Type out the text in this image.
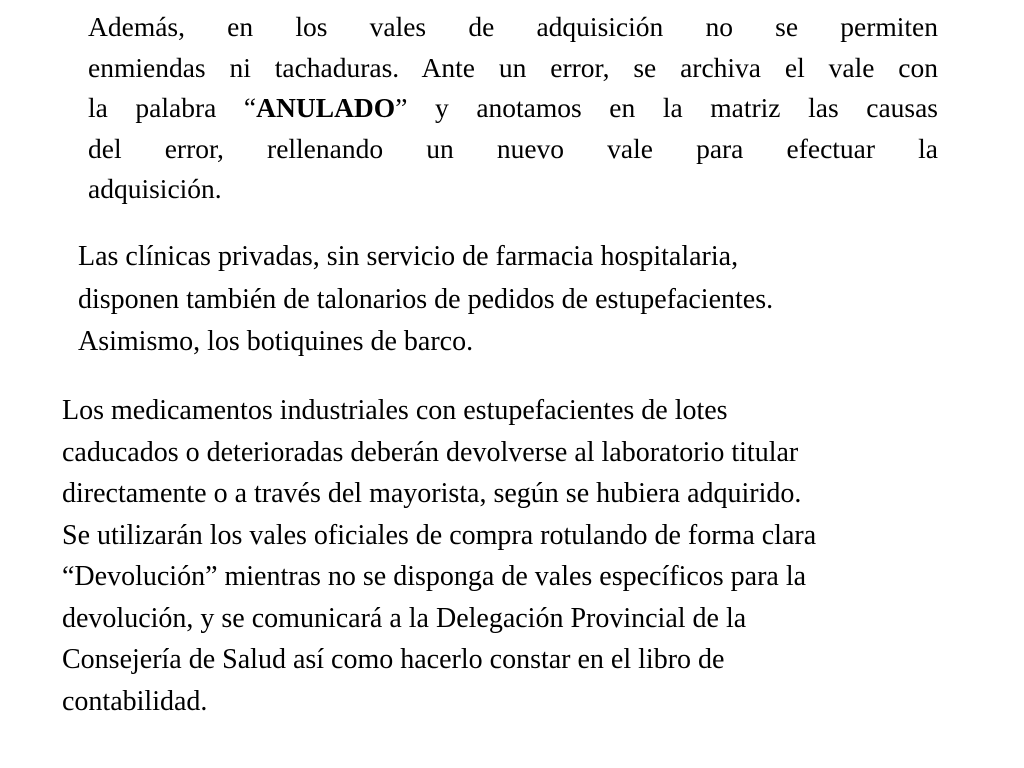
Además, en los vales de adquisición no se permiten
enmiendas ni tachaduras. Ante un error, se archiva el vale con
la palabra “ANULADO” y anotamos en la matriz las causas
del error, rellenando un nuevo vale para efectuar la
adquisición.
Las clínicas privadas, sin servicio de farmacia hospitalaria,
disponen también de talonarios de pedidos de estupefacientes.
Asimismo, los botiquines de barco.
Los medicamentos industriales con estupefacientes de lotes
caducados o deterioradas deberán devolverse al laboratorio titular
directamente o a través del mayorista, según se hubiera adquirido.
Se utilizarán los vales oficiales de compra rotulando de forma clara
“Devolución” mientras no se disponga de vales específicos para la
devolución, y se comunicará a la Delegación Provincial de la
Consejería de Salud así como hacerlo constar en el libro de
contabilidad.
